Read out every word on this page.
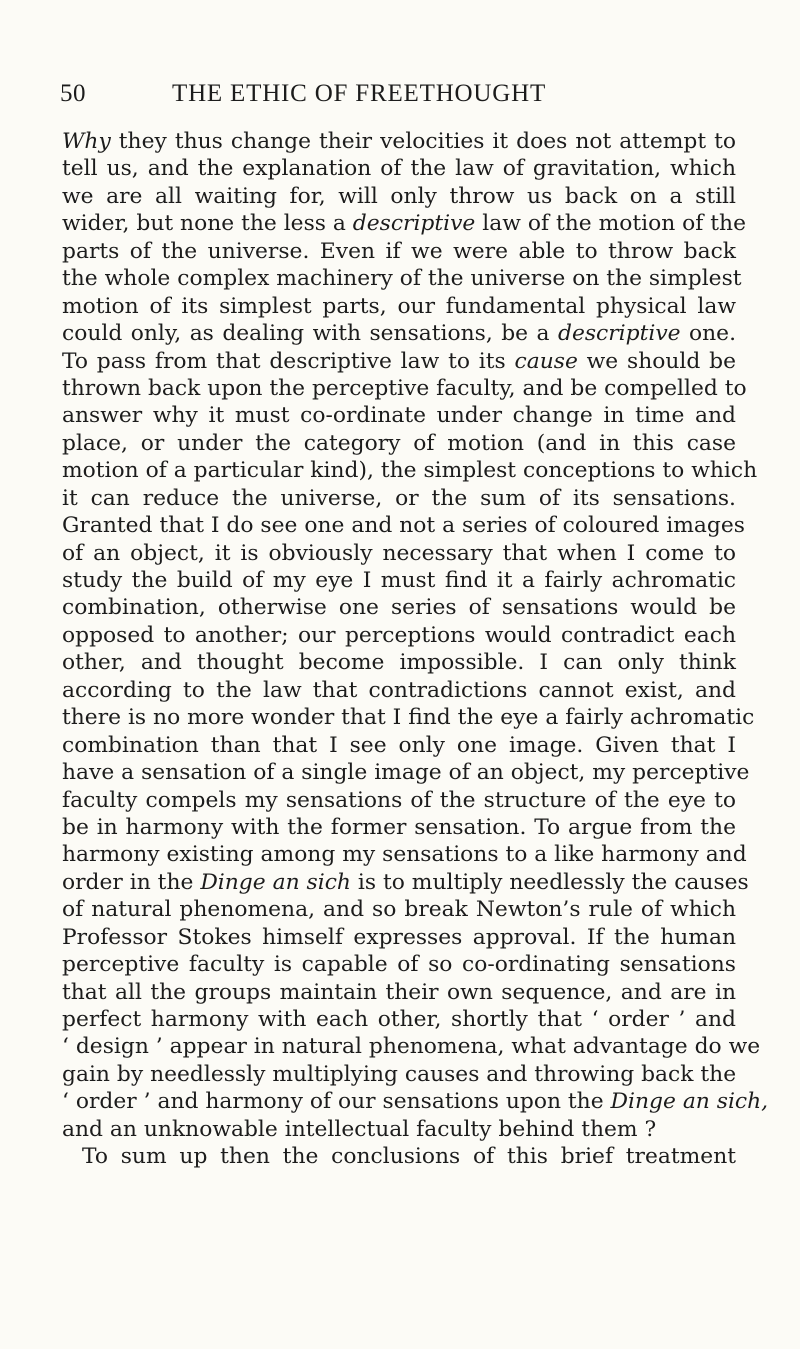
50	THE ETHIC OF FREETHOUGHT
Why they thus change their velocities it does not attempt to
tell us, and the explanation of the law of gravitation, which
we are all waiting for, will only throw us back on a still
wider, but none the less a descriptive law of the motion of the
parts of the universe. Even if we were able to throw back
the whole complex machinery of the universe on the simplest
motion of its simplest parts, our fundamental physical law
could only, as dealing with sensations, be a descriptive one.
To pass from that descriptive law to its cause we should be
thrown back upon the perceptive faculty, and be compelled to
answer why it must co-ordinate under change in time and
place, or under the category of motion (and in this case
motion of a particular kind), the simplest conceptions to which
it can reduce the universe, or the sum of its sensations.
Granted that I do see one and not a series of coloured images
of an object, it is obviously necessary that when I come to
study the build of my eye I must find it a fairly achromatic
combination, otherwise one series of sensations would be
opposed to another; our perceptions would contradict each
other, and thought become impossible. I can only think
according to the law that contradictions cannot exist, and
there is no more wonder that I find the eye a fairly achromatic
combination than that I see only one image. Given that I
have a sensation of a single image of an object, my perceptive
faculty compels my sensations of the structure of the eye to
be in harmony with the former sensation. To argue from the
harmony existing among my sensations to a like harmony and
order in the Dinge an sich is to multiply needlessly the causes
of natural phenomena, and so break Newton’s rule of which
Professor Stokes himself expresses approval. If the human
perceptive faculty is capable of so co-ordinating sensations
that all the groups maintain their own sequence, and are in
perfect harmony with each other, shortly that ‘ order ’ and
‘ design ’ appear in natural phenomena, what advantage do we
gain by needlessly multiplying causes and throwing back the
‘ order ’ and harmony of our sensations upon the Dinge an sich,
and an unknowable intellectual faculty behind them ?
To sum up then the conclusions of this brief treatment
